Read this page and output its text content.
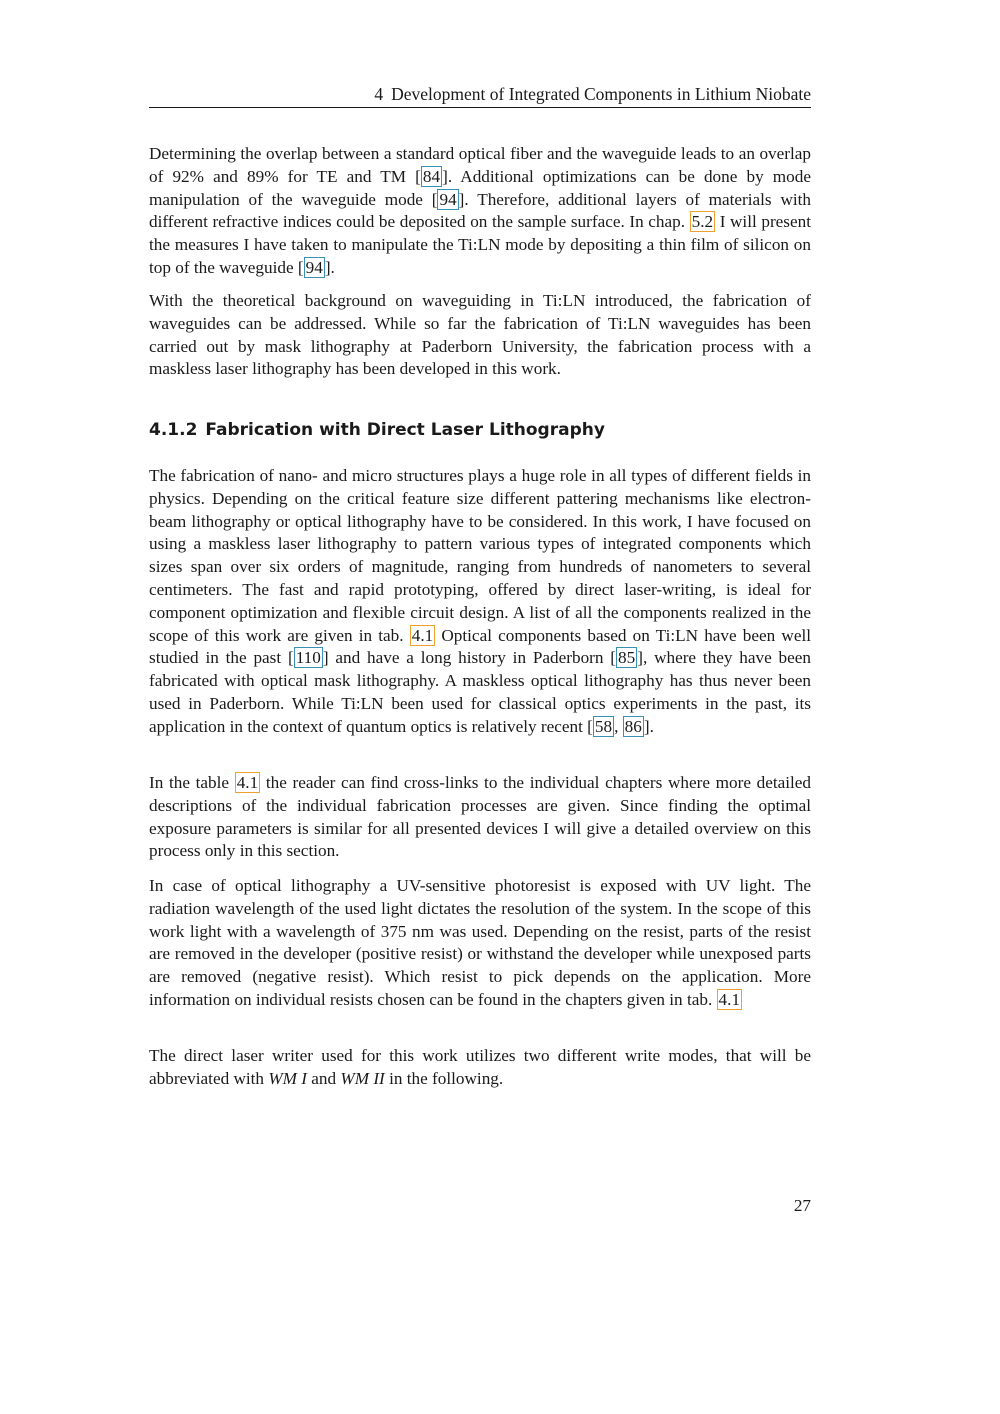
4 Development of Integrated Components in Lithium Niobate

Determining the overlap between a standard optical fiber and the waveguide leads to an overlap of 92% and 89% for TE and TM [ 84 ]. Additional optimizations can be done by mode manipulation of the waveguide mode [ 94 ]. Therefore, additional layers of materials with different refractive indices could be deposited on the sample surface. In chap. 5.2 I will present the measures I have taken to manipulate the Ti:LN mode by depositing a thin film of silicon on top of the waveguide [ 94 ].

With the theoretical background on waveguiding in Ti:LN introduced, the fabrication of waveguides can be addressed. While so far the fabrication of Ti:LN waveguides has been carried out by mask lithography at Paderborn University, the fabrication process with a maskless laser lithography has been developed in this work.

4.1.2 Fabrication with Direct Laser Lithography

The fabrication of nano- and micro structures plays a huge role in all types of different fields in physics. Depending on the critical feature size different pattering mechanisms like electron-beam lithography or optical lithography have to be considered. In this work, I have focused on using a maskless laser lithography to pattern various types of integrated components which sizes span over six orders of magnitude, ranging from hundreds of nanometers to several centimeters. The fast and rapid prototyping, offered by direct laser-writing, is ideal for component optimization and flexible circuit design. A list of all the components realized in the scope of this work are given in tab. 4.1 Optical components based on Ti:LN have been well studied in the past [ 110 ] and have a long history in Paderborn [ 85 ], where they have been fabricated with optical mask lithography. A maskless optical lithography has thus never been used in Paderborn. While Ti:LN been used for classical optics experiments in the past, its application in the context of quantum optics is relatively recent [ 58 , 86 ].

In the table 4.1 the reader can find cross-links to the individual chapters where more detailed descriptions of the individual fabrication processes are given. Since finding the optimal exposure parameters is similar for all presented devices I will give a detailed overview on this process only in this section.

In case of optical lithography a UV-sensitive photoresist is exposed with UV light. The radiation wavelength of the used light dictates the resolution of the system. In the scope of this work light with a wavelength of 375 nm was used. Depending on the resist, parts of the resist are removed in the developer (positive resist) or withstand the developer while unexposed parts are removed (negative resist). Which resist to pick depends on the application. More information on individual resists chosen can be found in the chapters given in tab. 4.1

The direct laser writer used for this work utilizes two different write modes, that will be abbreviated with WM I and WM II in the following.

27
